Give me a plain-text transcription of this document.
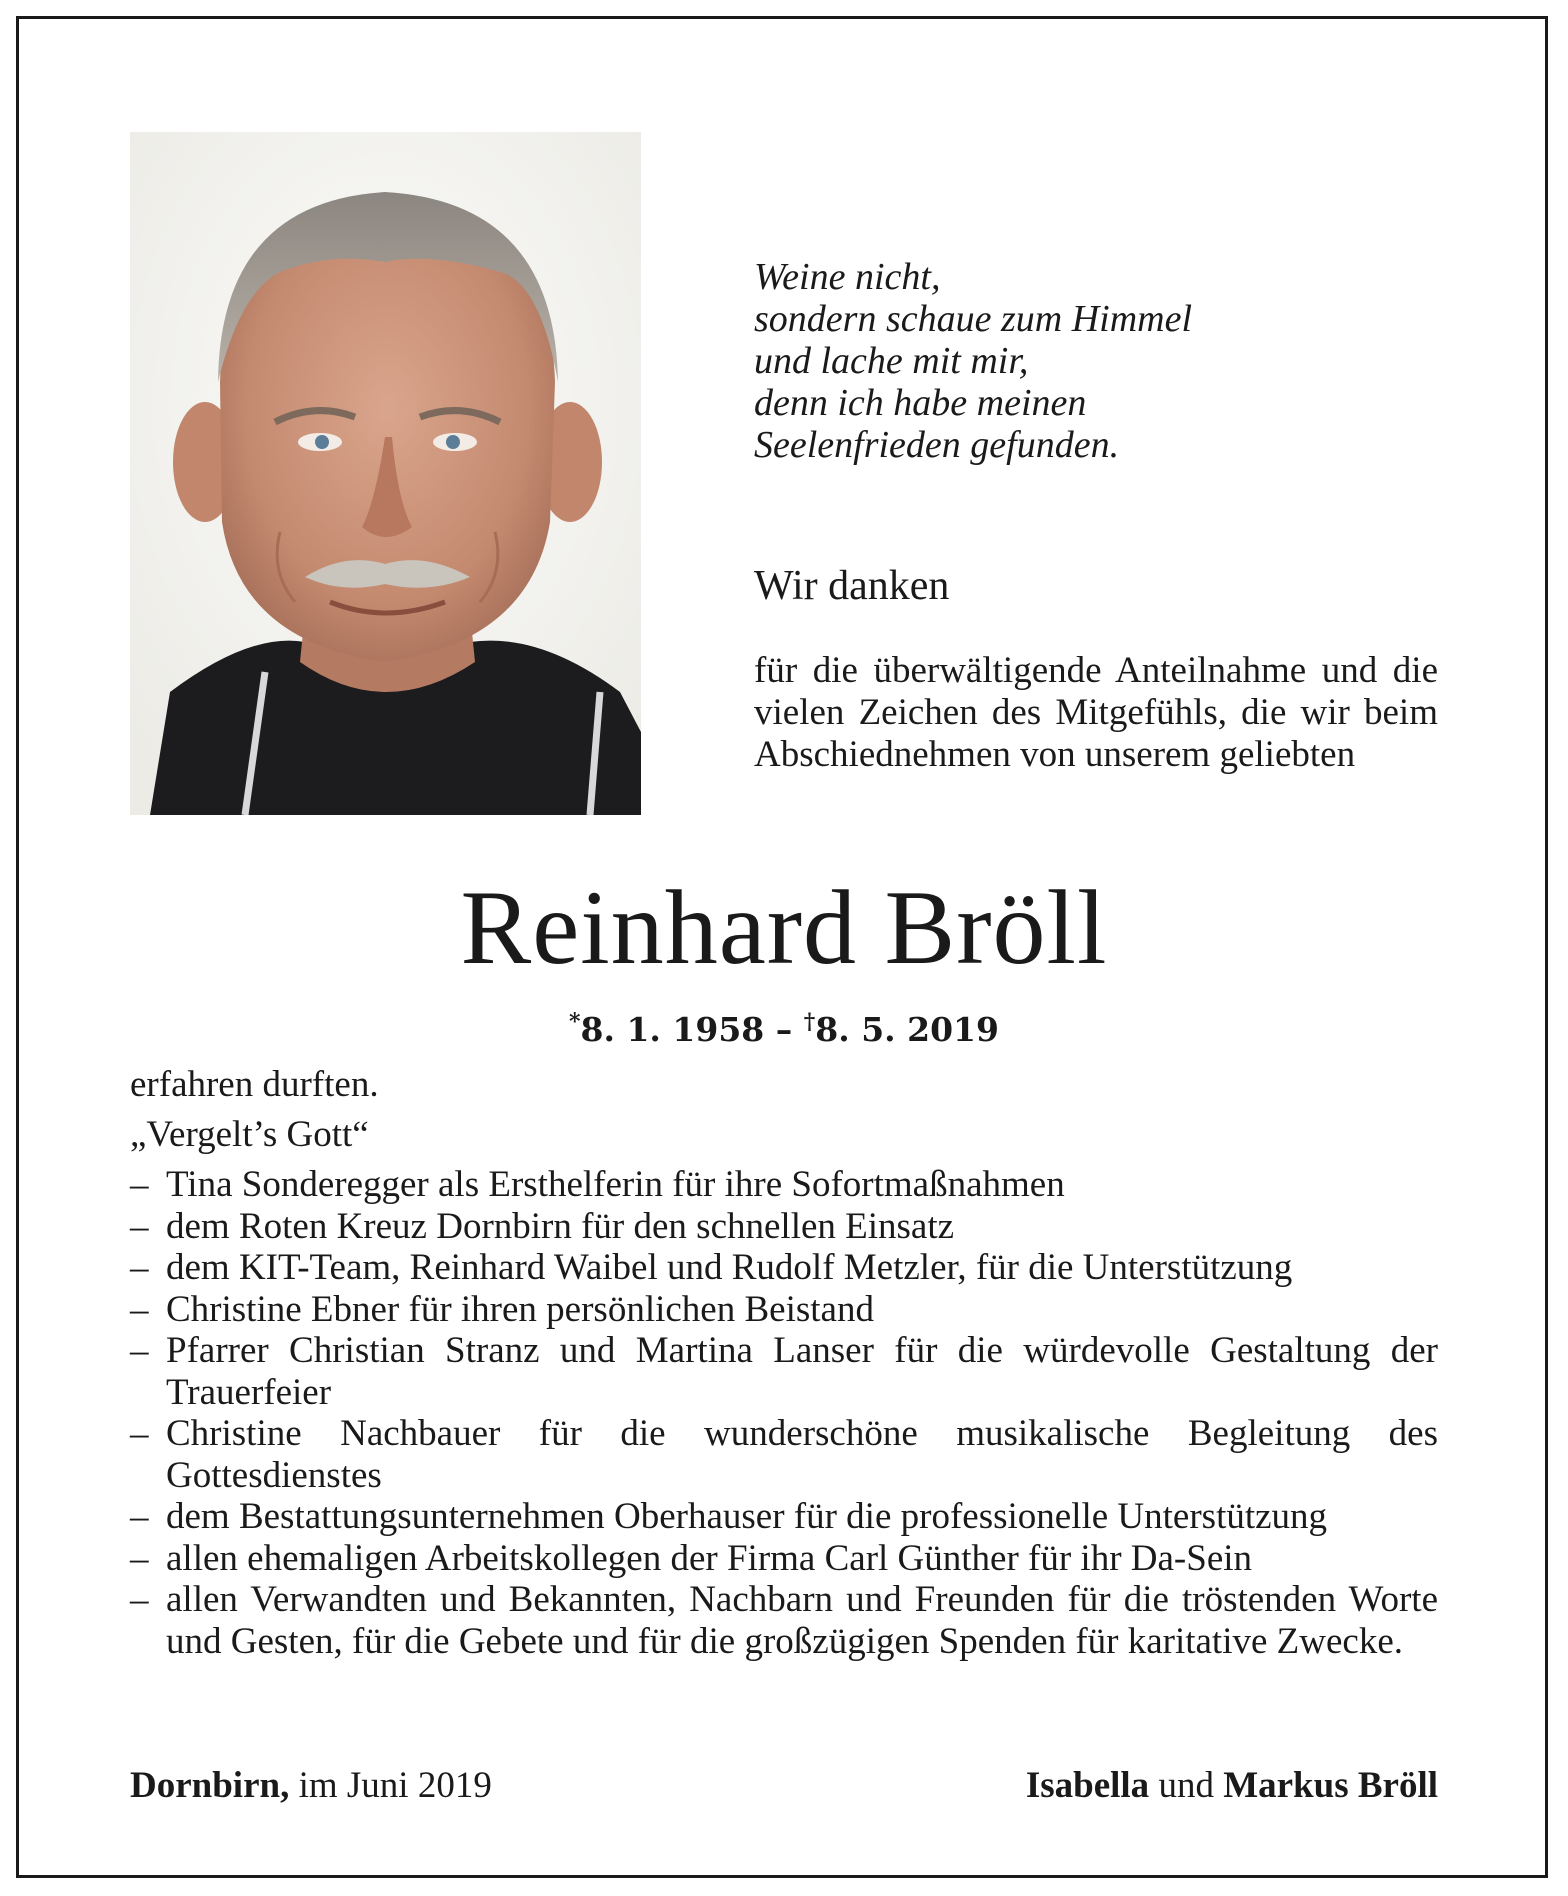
Weine nicht,
sondern schaue zum Himmel
und lache mit mir,
denn ich habe meinen
Seelenfrieden gefunden.
Wir danken
für die überwältigende Anteilnahme und die vielen Zeichen des Mitgefühls, die wir beim Abschiednehmen von unserem geliebten
Reinhard Bröll
*8. 1. 1958 – †8. 5. 2019
erfahren durften.
„Vergelt’s Gott“
– Tina Sonderegger als Ersthelferin für ihre Sofortmaßnahmen
– dem Roten Kreuz Dornbirn für den schnellen Einsatz
– dem KIT-Team, Reinhard Waibel und Rudolf Metzler, für die Unterstützung
– Christine Ebner für ihren persönlichen Beistand
– Pfarrer Christian Stranz und Martina Lanser für die würdevolle Gestaltung der Trauerfeier
– Christine Nachbauer für die wunderschöne musikalische Begleitung des Gottesdienstes
– dem Bestattungsunternehmen Oberhauser für die professionelle Unterstützung
– allen ehemaligen Arbeitskollegen der Firma Carl Günther für ihr Da-Sein
– allen Verwandten und Bekannten, Nachbarn und Freunden für die tröstenden Worte und Gesten, für die Gebete und für die großzügigen Spenden für karitative Zwecke.
Dornbirn, im Juni 2019	Isabella und Markus Bröll
